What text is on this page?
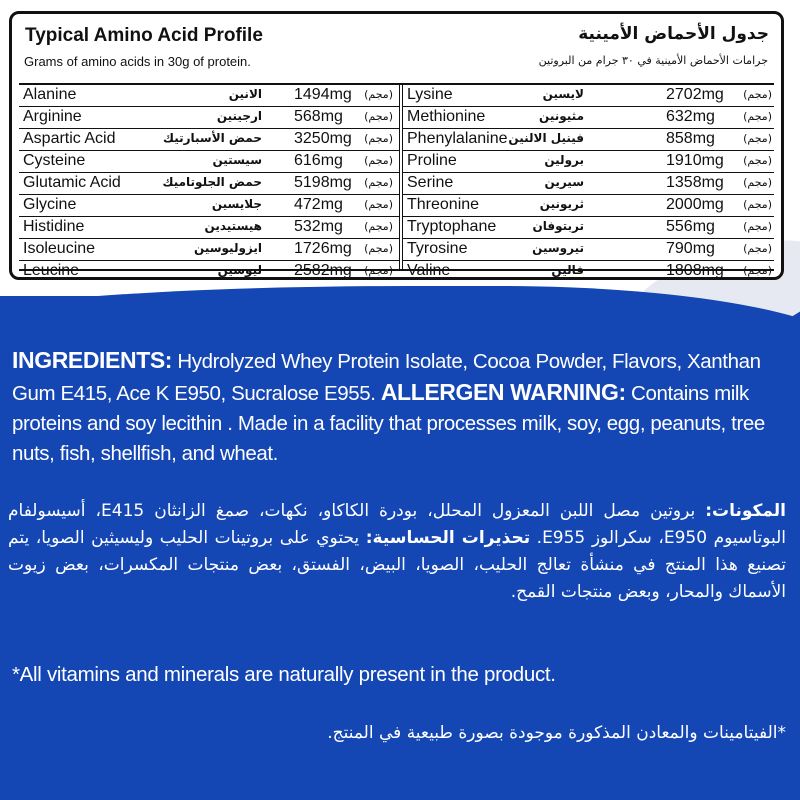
Typical Amino Acid Profile	جدول الأحماض الأمينية
Grams of amino acids in 30g of protein.	جرامات الأحماض الأمينية في ٣٠ جرام من البروتين
Alanine	الانين 1494mg (مجم)
Arginine	ارجينين 568mg (مجم)
Aspartic Acid	حمض الأسبارتيك 3250mg (مجم)
Cysteine	سيستين 616mg (مجم)
Glutamic Acid	حمض الجلوتاميك 5198mg (مجم)
Glycine	جلايسين 472mg (مجم)
Histidine	هيستيدين 532mg (مجم)
Isoleucine	ايزوليوسين 1726mg (مجم)
Leucine	ليوسين 2582mg (مجم)
Lysine	لايسين	2702mg (مجم)
Methionine	مثيونين	632mg	(مجم)
Phenylalanine فينيل الالنين	858mg	(مجم)
Proline	برولين	1910mg (مجم)
Serine	سيرين	1358mg (مجم)
Threonine	ثريونين	2000mg (مجم)
Tryptophane	تربتوفان	556mg	(مجم)
Tyrosine	تيروسين	790mg	(مجم)
Valine	فالين	1808mg (مجم)
INGREDIENTS: Hydrolyzed Whey Protein Isolate, Cocoa Powder, Flavors, Xanthan Gum E415, Ace K E950, Sucralose E955. ALLERGEN WARNING: Contains milk proteins and soy lecithin . Made in a facility that processes milk, soy, egg, peanuts, tree nuts, fish, shellfish, and wheat.
المكونات: بروتين مصل اللبن المعزول المحلل، بودرة الكاكاو، نكهات، صمغ الزانثان E415، أسيسولفام البوتاسيوم E950، سكرالوز E955. تحذيرات الحساسية: يحتوي على بروتينات الحليب وليسيثين الصويا، يتم تصنيع هذا المنتج في منشأة تعالج الحليب، الصويا، البيض، الفستق، بعض منتجات المكسرات، بعض زيوت الأسماك والمحار، وبعض منتجات القمح.
*All vitamins and minerals are naturally present in the product.
*الفيتامينات والمعادن المذكورة موجودة بصورة طبيعية في المنتج.
